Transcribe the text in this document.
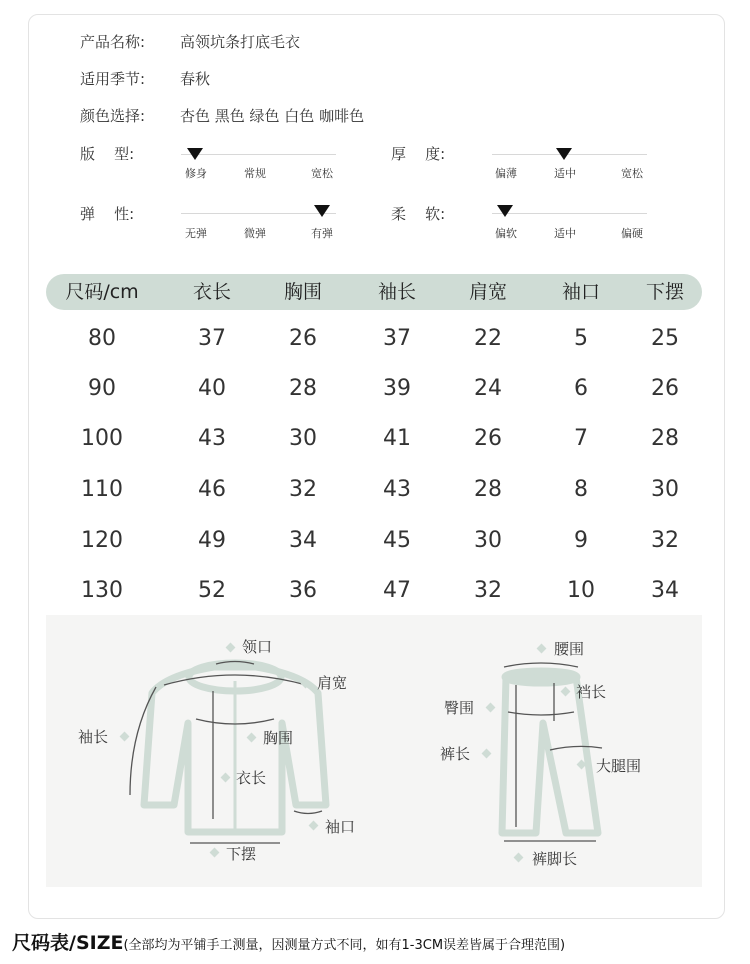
产品名称: 高领坑条打底毛衣
适用季节: 春秋
颜色选择: 杏色 黑色 绿色 白色 咖啡色
版    型:
修身	常规	宽松
厚    度:
偏薄	适中	宽松
弹    性:
无弹	微弹	有弹
柔    软:
偏软	适中	偏硬
尺码/cm	衣长	胸围	袖长	肩宽	袖口 下摆
80	37	26	37	22	5	25
90	40	28	39	24	6	26
100	43	30	41	26	7	28
110	46	32	43	28	8	30
120	49	34	45	30	9	32
130	52	36	47	32	10	34
领口
肩宽
袖长	胸围
衣长
袖口
下摆
腰围
裆长
臀围
裤长
大腿围
裤脚长
尺码表/SIZE(全部均为平铺手工测量，因测量方式不同，如有1-3CM误差皆属于合理范围)
